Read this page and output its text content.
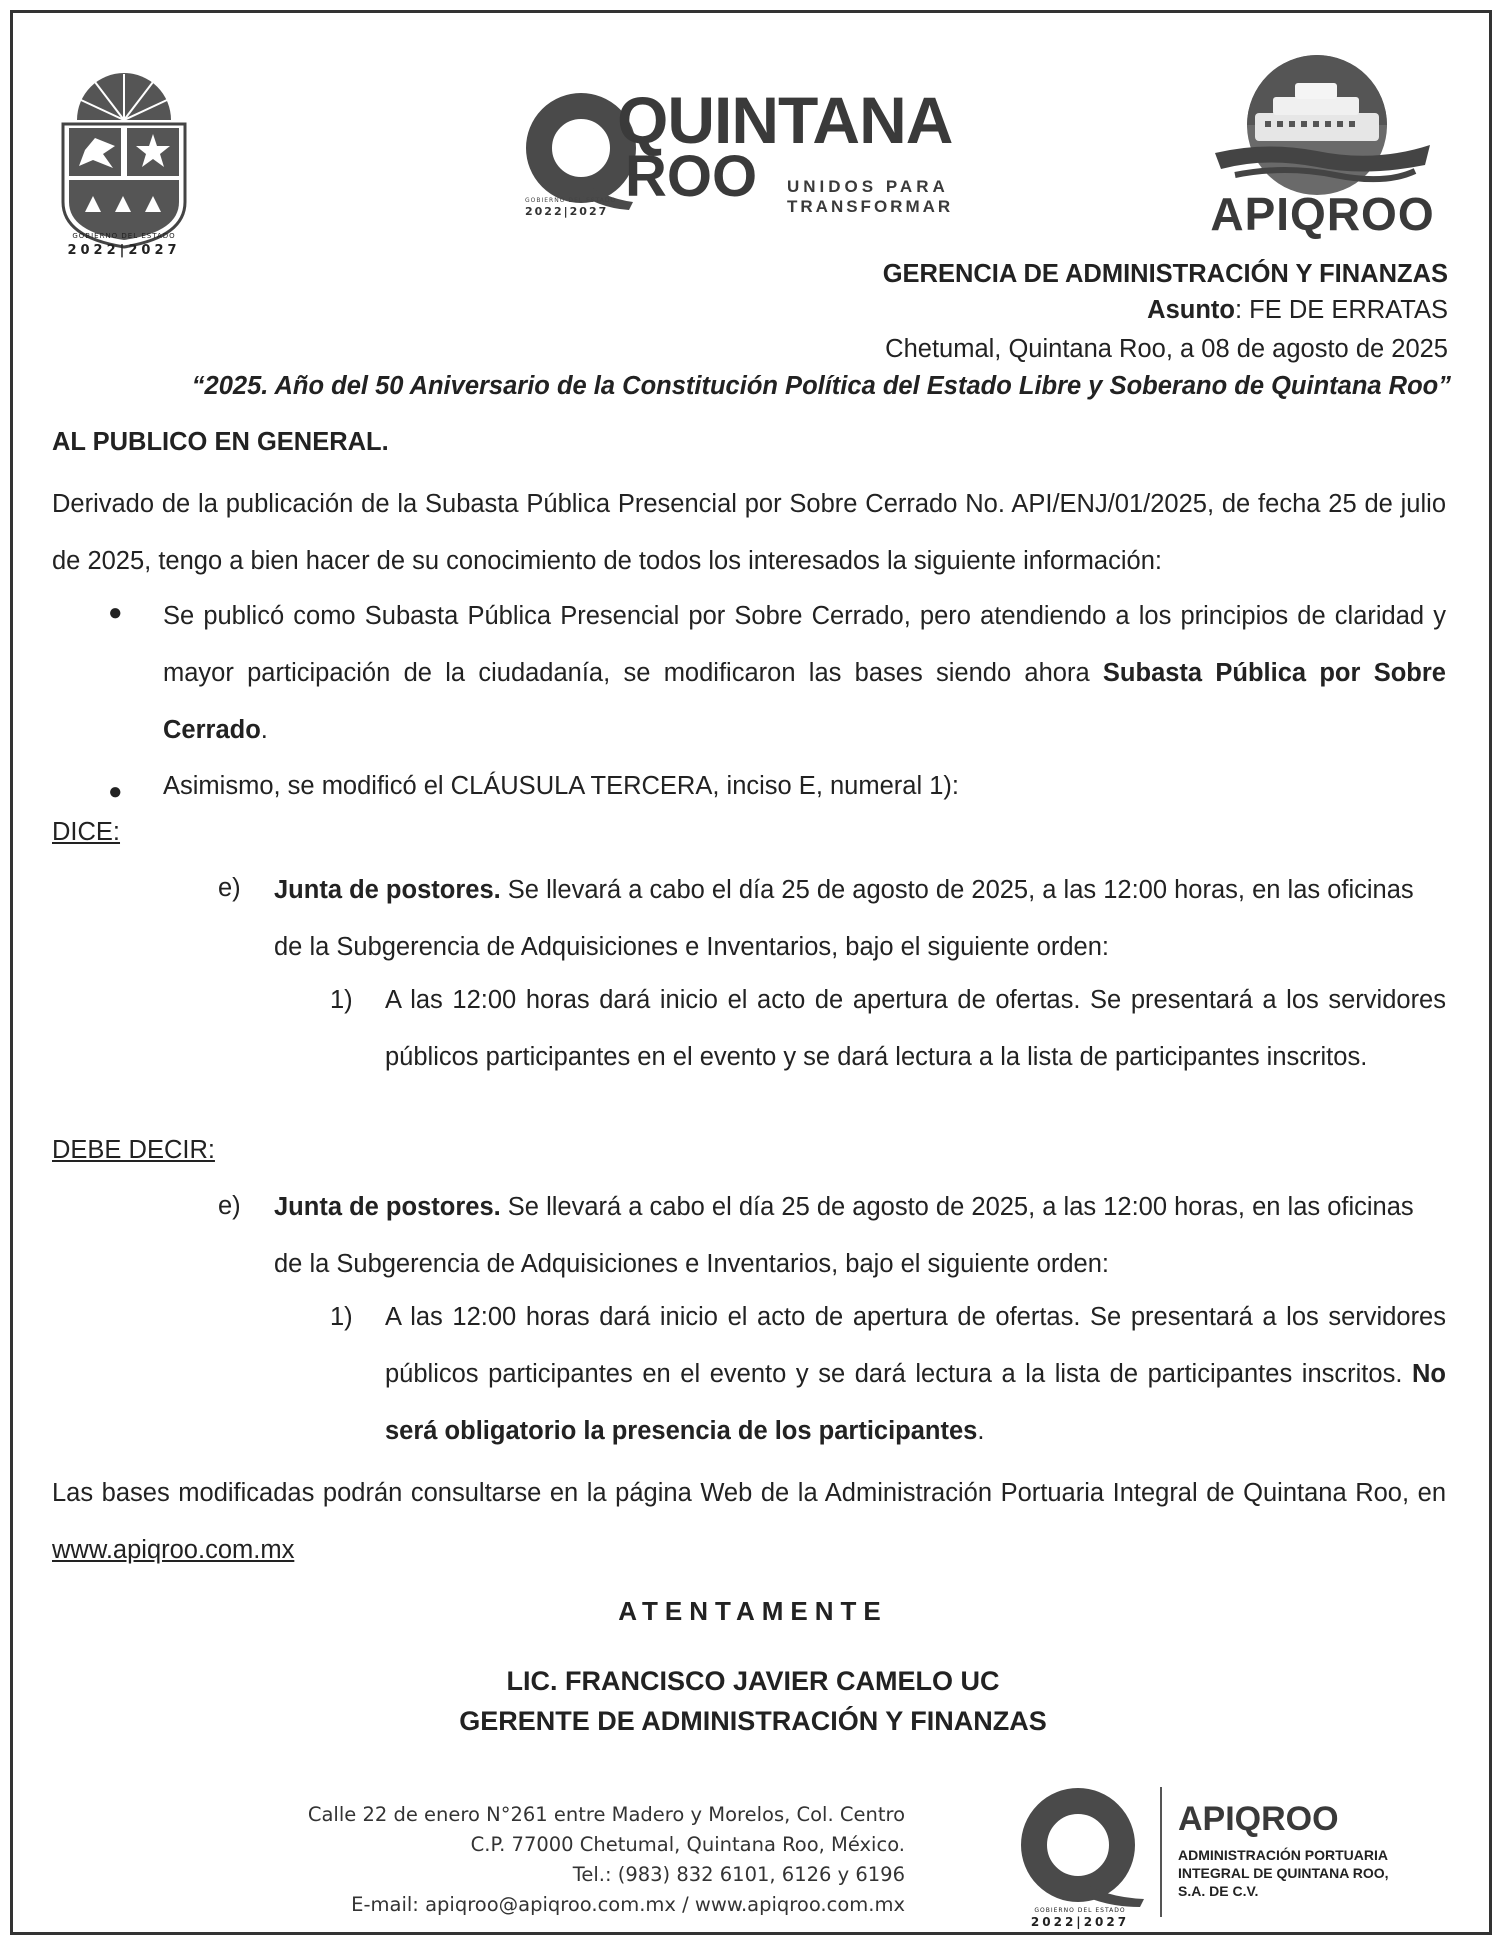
GOBIERNO DEL ESTADO
2022|2027
QUINTANA
ROO UNIDOS PARA
TRANSFORMAR
GOBIERNO DEL ESTADO
2022|2027	APIQROO
GERENCIA DE ADMINISTRACIÓN Y FINANZAS
Asunto: FE DE ERRATAS
Chetumal, Quintana Roo, a 08 de agosto de 2025
“2025. Año del 50 Aniversario de la Constitución Política del Estado Libre y Soberano de Quintana Roo”
AL PUBLICO EN GENERAL.
Derivado de la publicación de la Subasta Pública Presencial por Sobre Cerrado No. API/ENJ/01/2025, de fecha 25 de julio de 2025, tengo a bien hacer de su conocimiento de todos los interesados la siguiente información:
● Se publicó como Subasta Pública Presencial por Sobre Cerrado, pero atendiendo a los principios de claridad y mayor participación de la ciudadanía, se modificaron las bases siendo ahora Subasta Pública por Sobre Cerrado.
● Asimismo, se modificó el CLÁUSULA TERCERA, inciso E, numeral 1):
DICE:
e)	Junta de postores. Se llevará a cabo el día 25 de agosto de 2025, a las 12:00 horas, en las oficinas de la Subgerencia de Adquisiciones e Inventarios, bajo el siguiente orden:
1)	A las 12:00 horas dará inicio el acto de apertura de ofertas. Se presentará a los servidores públicos participantes en el evento y se dará lectura a la lista de participantes inscritos.
DEBE DECIR:
e)	Junta de postores. Se llevará a cabo el día 25 de agosto de 2025, a las 12:00 horas, en las oficinas de la Subgerencia de Adquisiciones e Inventarios, bajo el siguiente orden:
1)	A las 12:00 horas dará inicio el acto de apertura de ofertas. Se presentará a los servidores públicos participantes en el evento y se dará lectura a la lista de participantes inscritos. No será obligatorio la presencia de los participantes.
Las bases modificadas podrán consultarse en la página Web de la Administración Portuaria Integral de Quintana Roo, en www.apiqroo.com.mx
ATENTAMENTE
LIC. FRANCISCO JAVIER CAMELO UC
GERENTE DE ADMINISTRACIÓN Y FINANZAS
Calle 22 de enero N°261 entre Madero y Morelos, Col. Centro
C.P. 77000 Chetumal, Quintana Roo, México.
Tel.: (983) 832 6101, 6126 y 6196
E-mail: apiqroo@apiqroo.com.mx / www.apiqroo.com.mx	GOBIERNO DEL ESTADO
2022|2027
APIQROO
ADMINISTRACIÓN PORTUARIA
INTEGRAL DE QUINTANA ROO,
S.A. DE C.V.
